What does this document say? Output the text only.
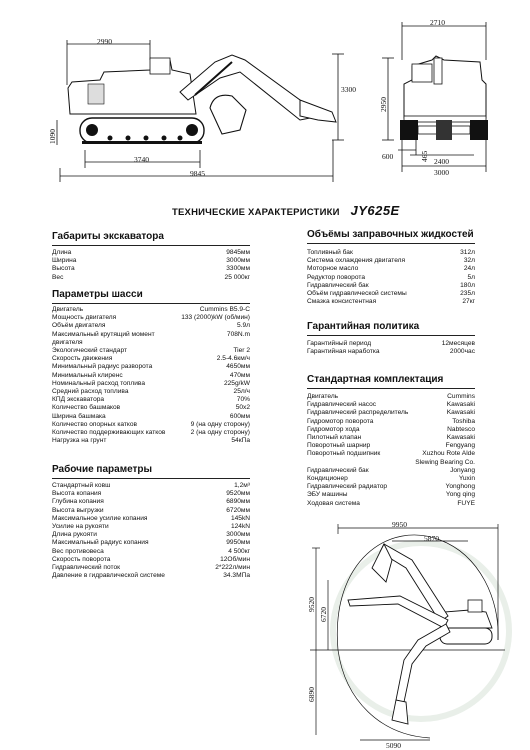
2990
3300
1090
3740
9845
2710
2950
600	465 2400
3000
ТЕХНИЧЕСКИЕ ХАРАКТЕРИСТИКИ JY625E
Габариты экскаватора
Длина	9845мм
Ширина	3000мм
Высота	3300мм
Вес	25 000кг
Параметры шасси
Двигатель	Cummins B5.9-C
Мощность двигателя	133 (2000)kW (об/мин)
Объём двигателя	5.9л
Максимальный крутящий момент	708N.m
двигателя
Экологический стандарт	Tier 2
Скорость движения	2.5-4.6км/ч
Минимальный радиус разворота	4650мм
Минимальный клиренс	470мм
Номинальный расход топлива	225g/kW
Средний расход топлива	25л/ч
КПД экскаватора	70%
Количество башмаков	50x2
Ширина башмака	600мм
Количество опорных катков	9 (на одну сторону)
Количество поддерживающих катков	2 (на одну сторону)
Нагрузка на грунт	54кПа
Рабочие параметры
Стандартный ковш	1,2м³
Высота копания	9520мм
Глубина копания	6890мм
Высота выгрузки	6720мм
Максимальное усилие копания	145kN
Усилие на рукояти	124kN
Длина рукояти	3000мм
Максимальный радиус копания	9950мм
Вес противовеса	4 500кг
Скорость поворота	12Об/мин
Гидравлический поток	2*222л/мин
Давление в гидравлической системе	34.3МПа
Объёмы заправочных жидкостей
Топливный бак	312л
Система охлаждения двигателя	32л
Моторное масло	24л
Редуктор поворота	5л
Гидравлический бак	180л
Объём гидравлической системы	235л
Смазка консистентная	27кг
Гарантийная политика
Гарантийный период	12месяцев
Гарантийная наработка	2000час
Стандартная комплектация
Двигатель	Cummins
Гидравлический насос	Kawasaki
Гидравлический распределитель	Kawasaki
Гидромотор поворота	Toshiba
Гидромотор хода	Nabtesco
Пилотный клапан	Kawasaki
Поворотный шарнир	Fengyang
Поворотный подшипник	Xuzhou Rote Alde
Slewing Bearing Co.
Гидравлический бак	Jonyang
Кондиционер	Yuxin
Гидравлический радиатор	Yonghong
ЭБУ машины	Yong qing
Ходовая система	FUYE
9950
5870
9520
6720
6890
5090
